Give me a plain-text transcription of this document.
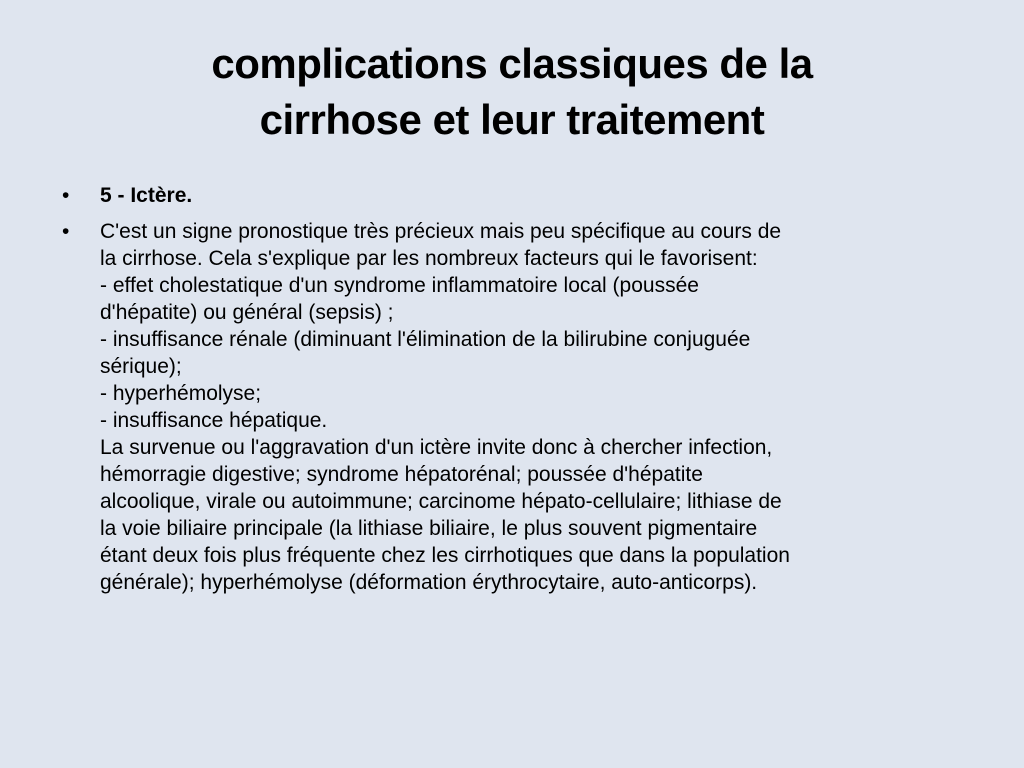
complications classiques de la
cirrhose et leur traitement
• 5 - Ictère.
• C'est un signe pronostique très précieux mais peu spécifique au cours de
la cirrhose. Cela s'explique par les nombreux facteurs qui le favorisent:
- effet cholestatique d'un syndrome inflammatoire local (poussée
d'hépatite) ou général (sepsis) ;
- insuffisance rénale (diminuant l'élimination de la bilirubine conjuguée
sérique);
- hyperhémolyse;
- insuffisance hépatique.
La survenue ou l'aggravation d'un ictère invite donc à chercher infection,
hémorragie digestive; syndrome hépatorénal; poussée d'hépatite
alcoolique, virale ou autoimmune; carcinome hépato-cellulaire; lithiase de
la voie biliaire principale (la lithiase biliaire, le plus souvent pigmentaire
étant deux fois plus fréquente chez les cirrhotiques que dans la population
générale); hyperhémolyse (déformation érythrocytaire, auto-anticorps).
